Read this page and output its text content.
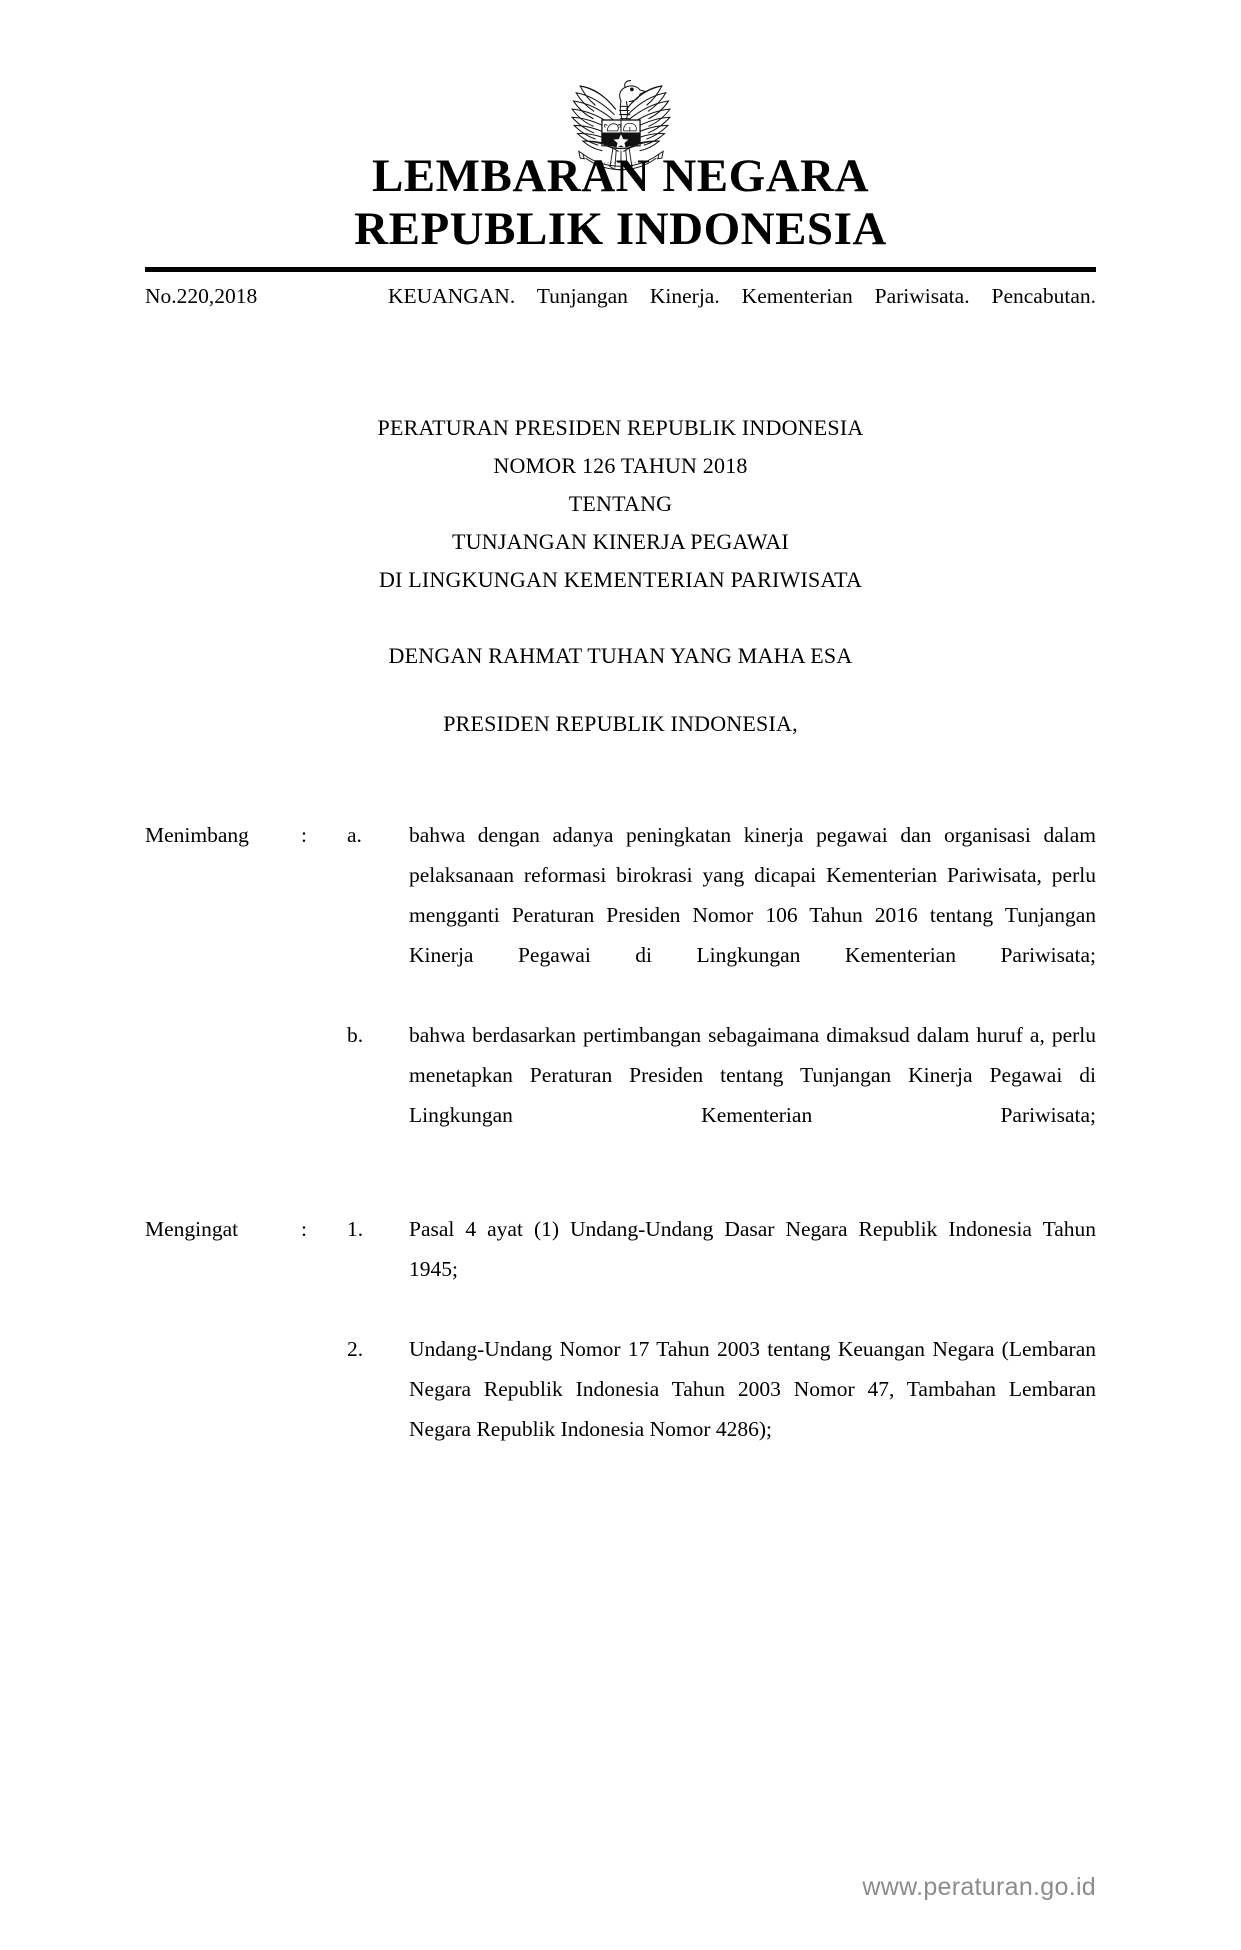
LEMBARAN NEGARA
REPUBLIK INDONESIA
No.220,2018	KEUANGAN. Tunjangan Kinerja. Kementerian Pariwisata. Pencabutan.
PERATURAN PRESIDEN REPUBLIK INDONESIA
NOMOR 126 TAHUN 2018
TENTANG
TUNJANGAN KINERJA PEGAWAI
DI LINGKUNGAN KEMENTERIAN PARIWISATA
DENGAN RAHMAT TUHAN YANG MAHA ESA
PRESIDEN REPUBLIK INDONESIA,
Menimbang	:	a.	bahwa dengan adanya peningkatan kinerja pegawai dan organisasi dalam pelaksanaan reformasi birokrasi yang dicapai Kementerian Pariwisata, perlu mengganti Peraturan Presiden Nomor 106 Tahun 2016 tentang Tunjangan Kinerja Pegawai di Lingkungan Kementerian Pariwisata;
b.	bahwa berdasarkan pertimbangan sebagaimana dimaksud dalam huruf a, perlu menetapkan Peraturan Presiden tentang Tunjangan Kinerja Pegawai di Lingkungan Kementerian Pariwisata;
Mengingat	:	1.	Pasal 4 ayat (1) Undang-Undang Dasar Negara Republik Indonesia Tahun 1945;
2.	Undang-Undang Nomor 17 Tahun 2003 tentang Keuangan Negara (Lembaran Negara Republik Indonesia Tahun 2003 Nomor 47, Tambahan Lembaran Negara Republik Indonesia Nomor 4286);
www.peraturan.go.id
